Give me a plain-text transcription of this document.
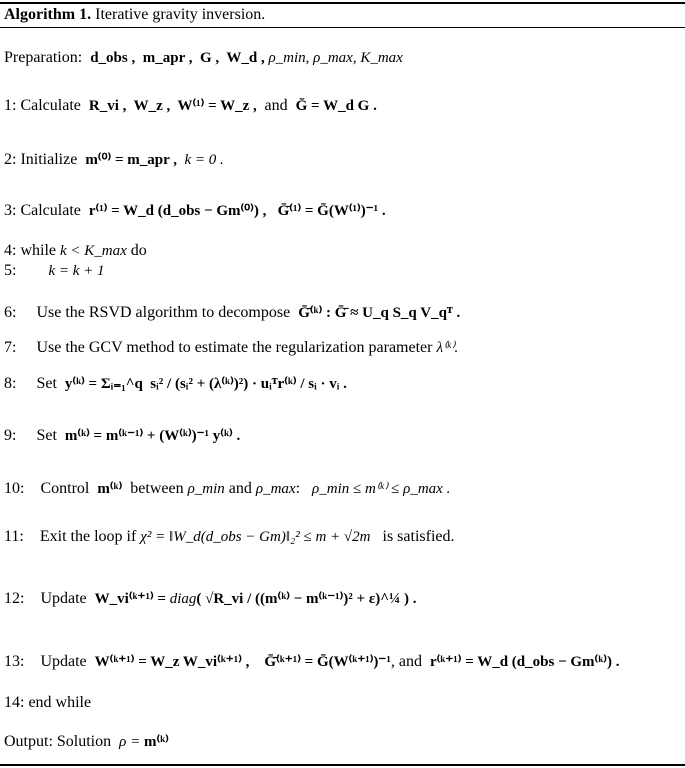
Algorithm 1. Iterative gravity inversion.
Preparation:  d_obs ,  m_apr ,  G ,  W_d , ρ_min, ρ_max, K_max
1: Calculate  R_vi ,  W_z ,  W⁽¹⁾ = W_z ,  and  Ḡ = W_d G .
2: Initialize  m⁽⁰⁾ = m_apr ,  k = 0 .
3: Calculate  r⁽¹⁾ = W_d (d_obs − Gm⁽⁰⁾) ,   Ḡ̄⁽¹⁾ = Ḡ(W⁽¹⁾)⁻¹ .
4: while k < K_max do
5:        k = k + 1
6:     Use the RSVD algorithm to decompose  Ḡ̄⁽ᵏ⁾ : Ḡ̄ ≈ U_q S_q V_qᵀ .
7:     Use the GCV method to estimate the regularization parameter λ⁽ᵏ⁾.
8:     Set  y⁽ᵏ⁾ = Σᵢ₌₁^q  sᵢ² / (sᵢ² + (λ⁽ᵏ⁾)²) · uᵢᵀr⁽ᵏ⁾ / sᵢ · vᵢ .
9:     Set  m⁽ᵏ⁾ = m⁽ᵏ⁻¹⁾ + (W⁽ᵏ⁾)⁻¹ y⁽ᵏ⁾ .
10:    Control  m⁽ᵏ⁾  between ρ_min and ρ_max:   ρ_min ≤ m⁽ᵏ⁾ ≤ ρ_max .
11:    Exit the loop if χ² = ‖W_d(d_obs − Gm)‖₂² ≤ m + √2m   is satisfied.
12:    Update  W_vi⁽ᵏ⁺¹⁾ = diag( √R_vi / ((m⁽ᵏ⁾ − m⁽ᵏ⁻¹⁾)² + ε)^¼ ) .
13:    Update  W⁽ᵏ⁺¹⁾ = W_z W_vi⁽ᵏ⁺¹⁾ ,    Ḡ̄⁽ᵏ⁺¹⁾ = Ḡ(W⁽ᵏ⁺¹⁾)⁻¹, and  r⁽ᵏ⁺¹⁾ = W_d (d_obs − Gm⁽ᵏ⁾) .
14: end while
Output: Solution  ρ = m⁽ᵏ⁾
